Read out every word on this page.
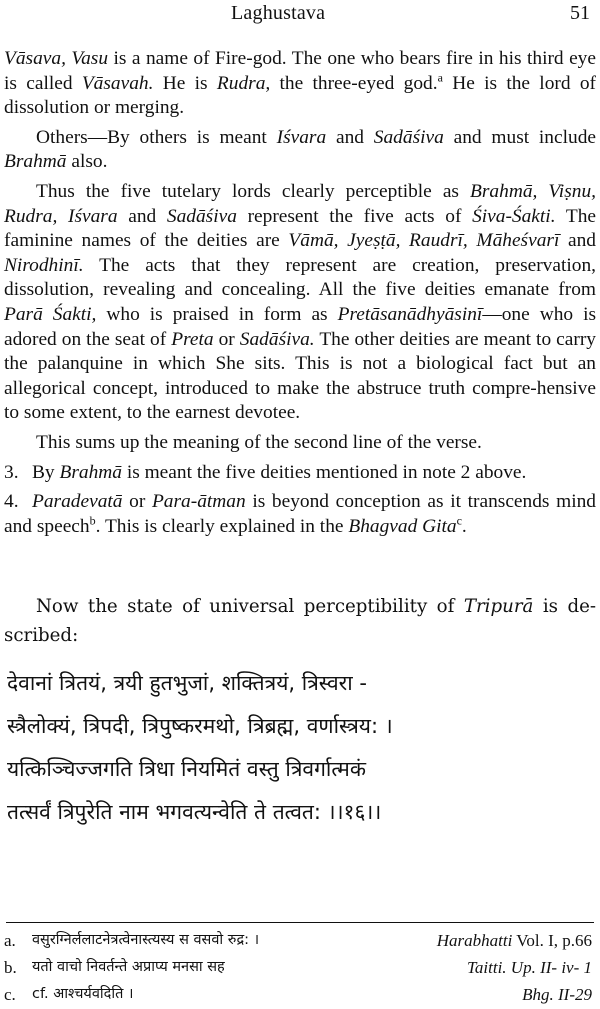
Laghustava	51

Vāsava, Vasu is a name of Fire-god. The one who bears fire in his third eye is called Vāsavah. He is Rudra, the three-eyed god.$^a$ He is the lord of dissolution or merging.

Others—By others is meant Iśvara and Sadāśiva and must include Brahmā also.

Thus the five tutelary lords clearly perceptible as Brahmā, Viṣnu, Rudra, Iśvara and Sadāśiva represent the five acts of Śiva-Śakti. The faminine names of the deities are Vāmā, Jyeṣṭā, Raudrī, Māheśvarī and Nirodhinī. The acts that they represent are creation, preservation, dissolution, revealing and concealing. All the five deities emanate from Parā Śakti, who is praised in form as Pretāsanādhyāsinī—one who is adored on the seat of Preta or Sadāśiva. The other deities are meant to carry the palanquine in which She sits. This is not a biological fact but an allegorical concept, introduced to make the abstruce truth compre-hensive to some extent, to the earnest devotee.

This sums up the meaning of the second line of the verse.

3. By Brahmā is meant the five deities mentioned in note 2 above.

4. Paradevatā or Para-ātman is beyond conception as it transcends mind and speech$^b$. This is clearly explained in the Bhagvad Gita$^c$.

Now the state of universal perceptibility of Tripurā is de-scribed:

देवानां त्रितयं, त्रयी हुतभुजां, शक्तित्रयं, त्रिस्वरा -
स्त्रैलोक्यं, त्रिपदी, त्रिपुष्करमथो, त्रिब्रह्म, वर्णास्त्रय: ।
यत्किञ्चिज्जगति त्रिधा नियमितं वस्तु त्रिवर्गात्मकं
तत्सर्वं त्रिपुरेति नाम भगवत्यन्वेति ते तत्वत: ।।१६।।
a. वसुरग्निर्ललाटनेत्रत्वेनास्त्यस्य स वसवो रुद्र: ।	Harabhatti Vol. I, p.66
b. यतो वाचो निवर्तन्ते अप्राप्य मनसा सह	Taitti. Up. II- iv- 1
c. cf. आश्चर्यवदिति ।	Bhg. II-29
